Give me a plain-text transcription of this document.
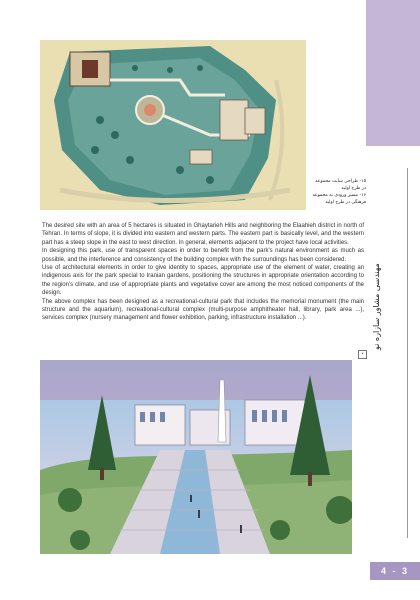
مهندسی مشاور سازاره نو
۱۵- طراحی سایت مجموعه در طرح اولیه
۱۶- مسیر ورودی به مجموعه فرهنگی در طرح اولیه

The desired site with an area of 5 hectares is situated in Ghaytarieh Hills and neighboring the Elaahieh district in north of Tehran. In terms of slope, it is divided into eastern and western parts. The eastern part is basically level, and the western part has a steep slope in the east to west direction. In general, elements adjacent to the project have local activities.

In designing this park, use of transparent spaces in order to benefit from the park's natural environment as much as possible, and the interference and consistency of the building complex with the surroundings has been considered.

Use of architectural elements in order to give identity to spaces, appropriate use of the element of water, creating an indigenous axis for the park special to Iranian gardens, positioning the structures in appropriate orientation according to the region's climate, and use of appropriate plants and vegetative cover are among the most noticed components of the design.

The above complex has been designed as a recreational-cultural park that includes the memorial monument (the main structure and the aquarium), recreational-cultural complex (multi-purpose amphitheater hall, library, park area ...), services complex (nursery management and flower exhibition, parking, infrastructure installation ...).

▪
4 - 3
